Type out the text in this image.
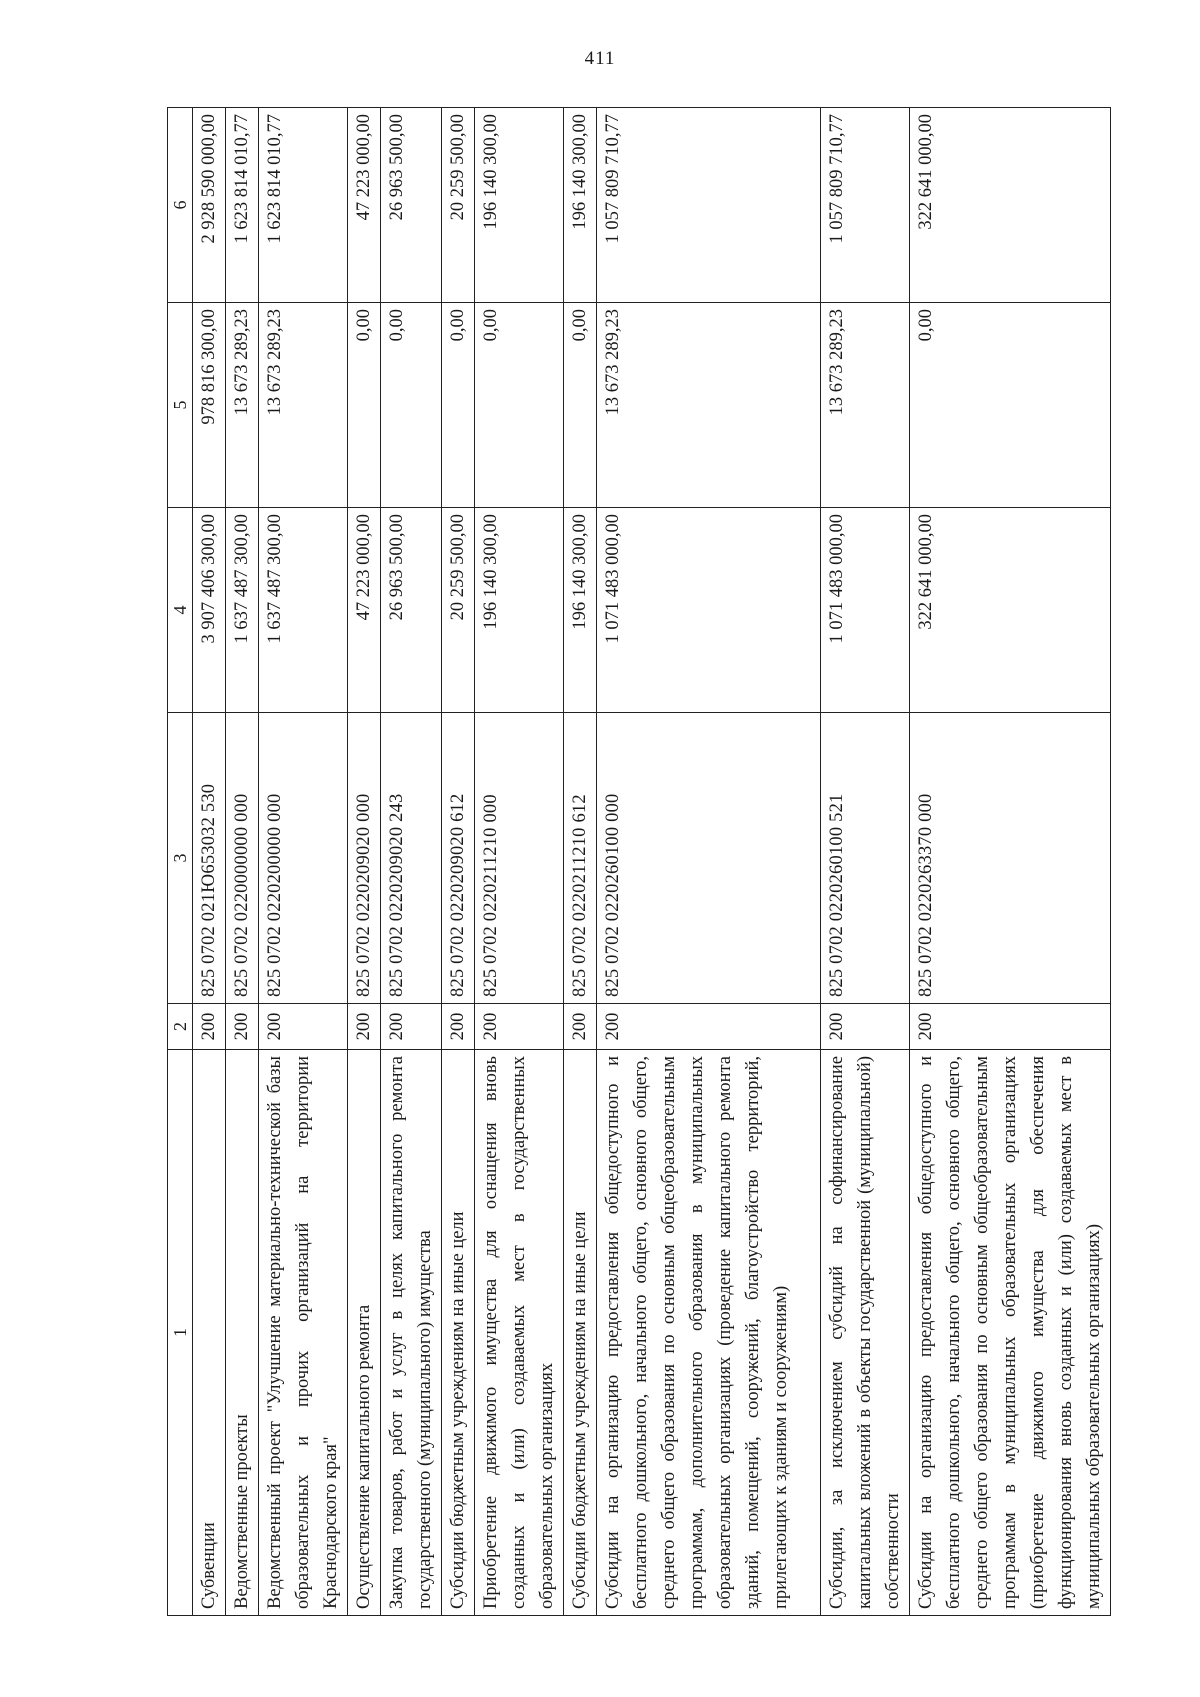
411
1	2	3	4	5	6
Субвенции	200	825 0702 021Ю653032 530	3 907 406 300,00	978 816 300,00	2 928 590 000,00
Ведомственные проекты	200	825 0702 0220000000 000	1 637 487 300,00	13 673 289,23	1 623 814 010,77
Ведомственный проект "Улучшение материально-технической базы образовательных и прочих организаций на территории Краснодарского края"	200	825 0702 0220200000 000	1 637 487 300,00	13 673 289,23	1 623 814 010,77
Осуществление капитального ремонта	200	825 0702 0220209020 000	47 223 000,00	0,00	47 223 000,00
Закупка товаров, работ и услуг в целях капитального ремонта государственного (муниципального) имущества	200	825 0702 0220209020 243	26 963 500,00	0,00	26 963 500,00
Субсидии бюджетным учреждениям на иные цели	200	825 0702 0220209020 612	20 259 500,00	0,00	20 259 500,00
Приобретение движимого имущества для оснащения вновь созданных и (или) создаваемых мест в государственных образовательных организациях	200	825 0702 0220211210 000	196 140 300,00	0,00	196 140 300,00
Субсидии бюджетным учреждениям на иные цели	200	825 0702 0220211210 612	196 140 300,00	0,00	196 140 300,00
Субсидии на организацию предоставления общедоступного и бесплатного дошкольного, начального общего, основного общего, среднего общего образования по основным общеобразовательным программам, дополнительного образования в муниципальных образовательных организациях (проведение капитального ремонта зданий, помещений, сооружений, благоустройство территорий, прилегающих к зданиям и сооружениям)	200	825 0702 0220260100 000	1 071 483 000,00	13 673 289,23	1 057 809 710,77
Субсидии, за исключением субсидий на софинансирование капитальных вложений в объекты государственной (муниципальной) собственности	200	825 0702 0220260100 521	1 071 483 000,00	13 673 289,23	1 057 809 710,77
Субсидии на организацию предоставления общедоступного и бесплатного дошкольного, начального общего, основного общего, среднего общего образования по основным общеобразовательным программам в муниципальных образовательных организациях (приобретение движимого имущества для обеспечения функционирования вновь созданных и (или) создаваемых мест в муниципальных образовательных организациях)	200	825 0702 0220263370 000	322 641 000,00	0,00	322 641 000,00
